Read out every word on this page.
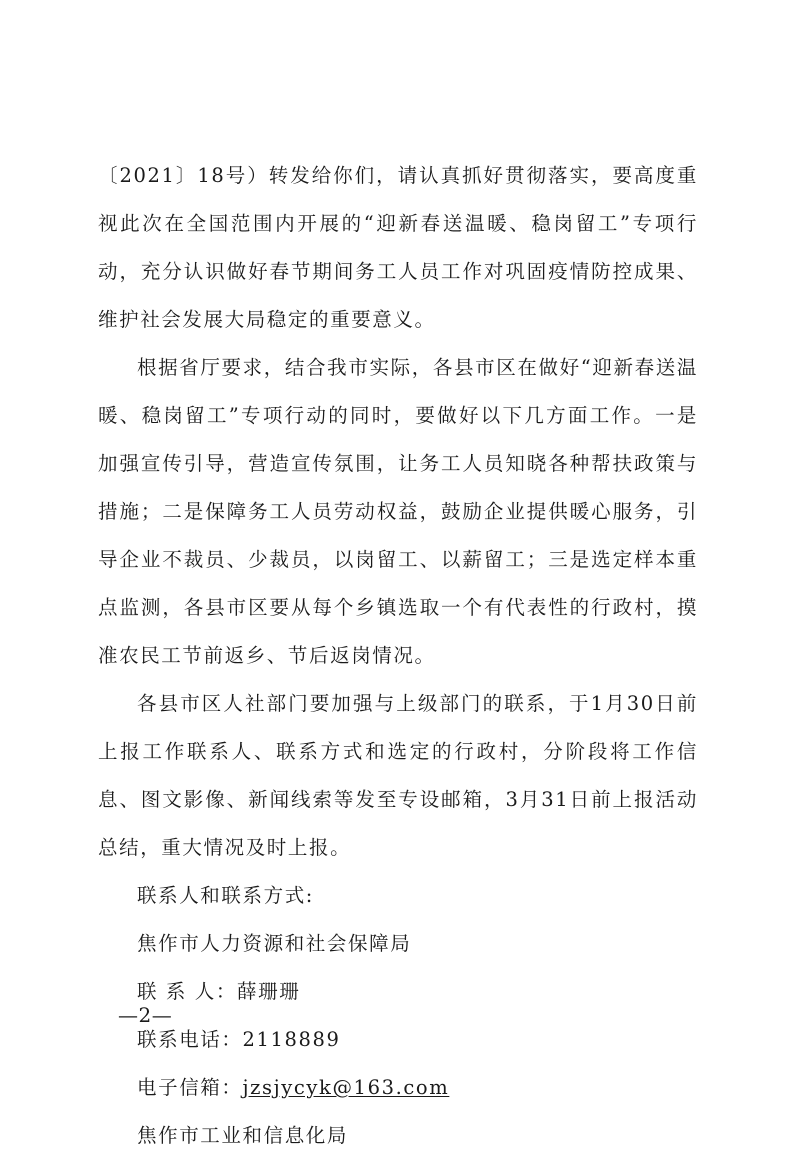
〔2021〕18号）转发给你们，请认真抓好贯彻落实，要高度重视此次在全国范围内开展的“迎新春送温暖、稳岗留工”专项行动，充分认识做好春节期间务工人员工作对巩固疫情防控成果、维护社会发展大局稳定的重要意义。

根据省厅要求，结合我市实际，各县市区在做好“迎新春送温暖、稳岗留工”专项行动的同时，要做好以下几方面工作。一是加强宣传引导，营造宣传氛围，让务工人员知晓各种帮扶政策与措施；二是保障务工人员劳动权益，鼓励企业提供暖心服务，引导企业不裁员、少裁员，以岗留工、以薪留工；三是选定样本重点监测，各县市区要从每个乡镇选取一个有代表性的行政村，摸准农民工节前返乡、节后返岗情况。

各县市区人社部门要加强与上级部门的联系，于1月30日前上报工作联系人、联系方式和选定的行政村，分阶段将工作信息、图文影像、新闻线索等发至专设邮箱，3月31日前上报活动总结，重大情况及时上报。

联系人和联系方式:

焦作市人力资源和社会保障局

联 系 人：薛珊珊

联系电话：2118889

电子信箱：jzsjycyk@163.com

焦作市工业和信息化局

—2—
